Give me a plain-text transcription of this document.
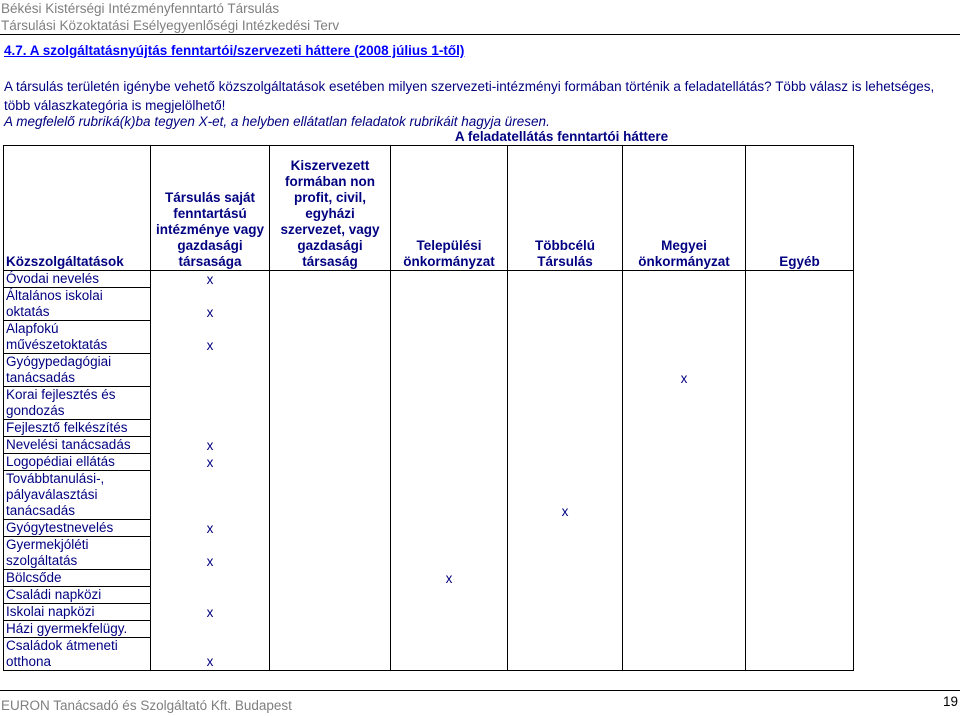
Békési Kistérségi Intézményfenntartó Társulás
Társulási Közoktatási Esélyegyenlőségi Intézkedési Terv
4.7. A szolgáltatásnyújtás fenntartói/szervezeti háttere (2008 július 1-től)
A társulás területén igénybe vehető közszolgáltatások esetében milyen szervezeti-intézményi formában történik a feladatellátás? Több válasz is lehetséges, több válaszkategória is megjelölhető!
A megfelelő rubriká(k)ba tegyen X-et, a helyben ellátatlan feladatok rubrikáit hagyja üresen.
		A feladatellátás fenntartói háttere				
Közszolgáltatások	Társulás saját fenntartású intézménye vagy gazdasági társasága	Kiszervezett formában non profit, civil, egyházi szervezet, vagy gazdasági társaság	Települési önkormányzat	Többcélú Társulás	Megyei önkormányzat	Egyéb
Óvodai nevelés	x					
Általános iskolai oktatás	x					
Alapfokú művészetoktatás	x					
Gyógypedagógiai tanácsadás					x	
Korai fejlesztés és gondozás						
Fejlesztő felkészítés						
Nevelési tanácsadás	x					
Logopédiai ellátás	x					
Továbbtanulási-, pályaválasztási tanácsadás				x		
Gyógytestnevelés	x					
Gyermekjóléti szolgáltatás	x					
Bölcsőde			x			
Családi napközi						
Iskolai napközi	x					
Házi gyermekfelügy.						
Családok átmeneti otthona	x					
EURON Tanácsadó és Szolgáltató Kft. Budapest	19
